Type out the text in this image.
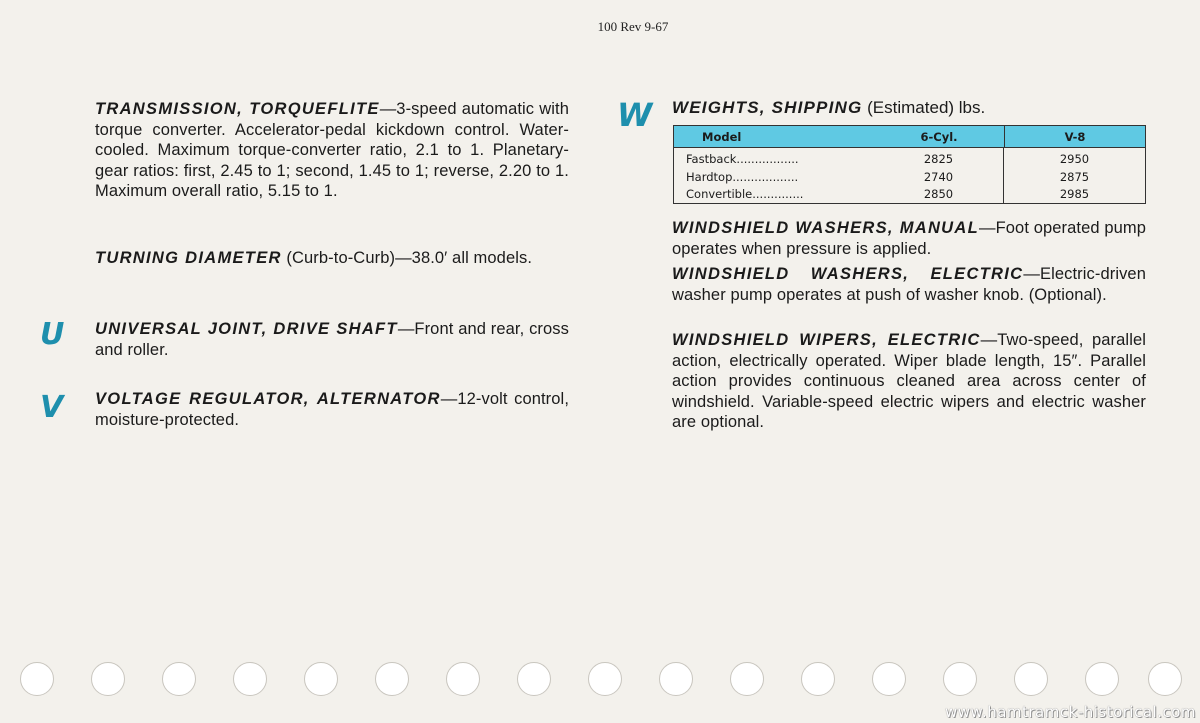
100 Rev 9-67

TRANSMISSION, TORQUEFLITE—3-speed automatic with torque converter. Accelerator-pedal kickdown control. Water-cooled. Maximum torque-converter ratio, 2.1 to 1. Planetary-gear ratios: first, 2.45 to 1; second, 1.45 to 1; reverse, 2.20 to 1. Maximum overall ratio, 5.15 to 1.

TURNING DIAMETER (Curb-to-Curb)—38.0′ all models.

U UNIVERSAL JOINT, DRIVE SHAFT—Front and rear, cross and roller.

V VOLTAGE REGULATOR, ALTERNATOR—12-volt control, moisture-protected.

W WEIGHTS, SHIPPING (Estimated) lbs.
Model	6-Cyl.	V-8
Fastback.................
Hardtop..................
Convertible..............
2825
2740
2850
2950
2875
2985

WINDSHIELD WASHERS, MANUAL—Foot operated pump operates when pressure is applied.

WINDSHIELD WASHERS, ELECTRIC—Electric-driven washer pump operates at push of washer knob. (Optional).

WINDSHIELD WIPERS, ELECTRIC—Two-speed, parallel action, electrically operated. Wiper blade length, 15″. Parallel action provides continuous cleaned area across center of windshield. Variable-speed electric wipers and electric washer are optional.

www.hamtramck-historical.com
